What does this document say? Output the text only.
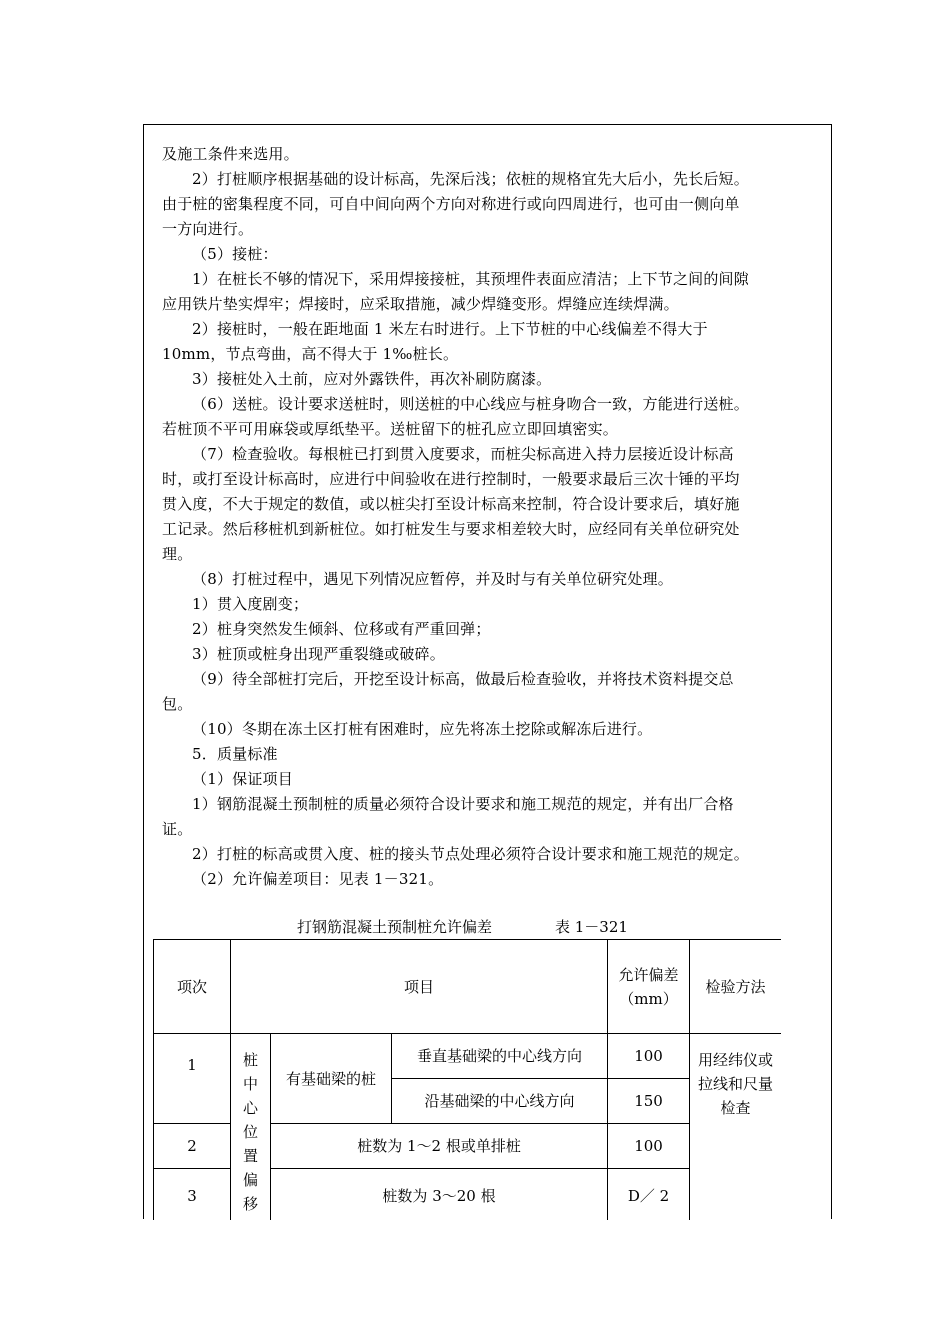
及施工条件来选用。

2）打桩顺序根据基础的设计标高，先深后浅；依桩的规格宜先大后小，先长后短。

由于桩的密集程度不同，可自中间向两个方向对称进行或向四周进行，也可由一侧向单

一方向进行。

（5）接桩：

1）在桩长不够的情况下，采用焊接接桩，其预埋件表面应清洁；上下节之间的间隙

应用铁片垫实焊牢；焊接时，应采取措施，减少焊缝变形。焊缝应连续焊满。

2）接桩时，一般在距地面 1 米左右时进行。上下节桩的中心线偏差不得大于

10mm，节点弯曲，高不得大于 1‰桩长。

3）接桩处入土前，应对外露铁件，再次补刷防腐漆。

（6）送桩。设计要求送桩时，则送桩的中心线应与桩身吻合一致，方能进行送桩。

若桩顶不平可用麻袋或厚纸垫平。送桩留下的桩孔应立即回填密实。

（7）检查验收。每根桩已打到贯入度要求，而桩尖标高进入持力层接近设计标高

时，或打至设计标高时，应进行中间验收在进行控制时，一般要求最后三次十锤的平均

贯入度，不大于规定的数值，或以桩尖打至设计标高来控制，符合设计要求后，填好施

工记录。然后移桩机到新桩位。如打桩发生与要求相差较大时，应经同有关单位研究处

理。

（8）打桩过程中，遇见下列情况应暂停，并及时与有关单位研究处理。

1）贯入度剧变；

2）桩身突然发生倾斜、位移或有严重回弹；

3）桩顶或桩身出现严重裂缝或破碎。

（9）待全部桩打完后，开挖至设计标高，做最后检查验收，并将技术资料提交总

包。

（10）冬期在冻土区打桩有困难时，应先将冻土挖除或解冻后进行。

5．质量标准

（1）保证项目

1）钢筋混凝土预制桩的质量必须符合设计要求和施工规范的规定，并有出厂合格

证。

2）打桩的标高或贯入度、桩的接头节点处理必须符合设计要求和施工规范的规定。

（2）允许偏差项目：见表 1－321。

打钢筋混凝土预制桩允许偏差	表 1－321
项次	项目			允许偏差（mm）	检验方法
1	桩中心位置偏移	有基础梁的桩	垂直基础梁的中心线方向	100	用经纬仪或拉线和尺量检查
			沿基础梁的中心线方向	150	
2		桩数为 1～2 根或单排桩		100	
3		桩数为 3～20 根		D／ 2	
